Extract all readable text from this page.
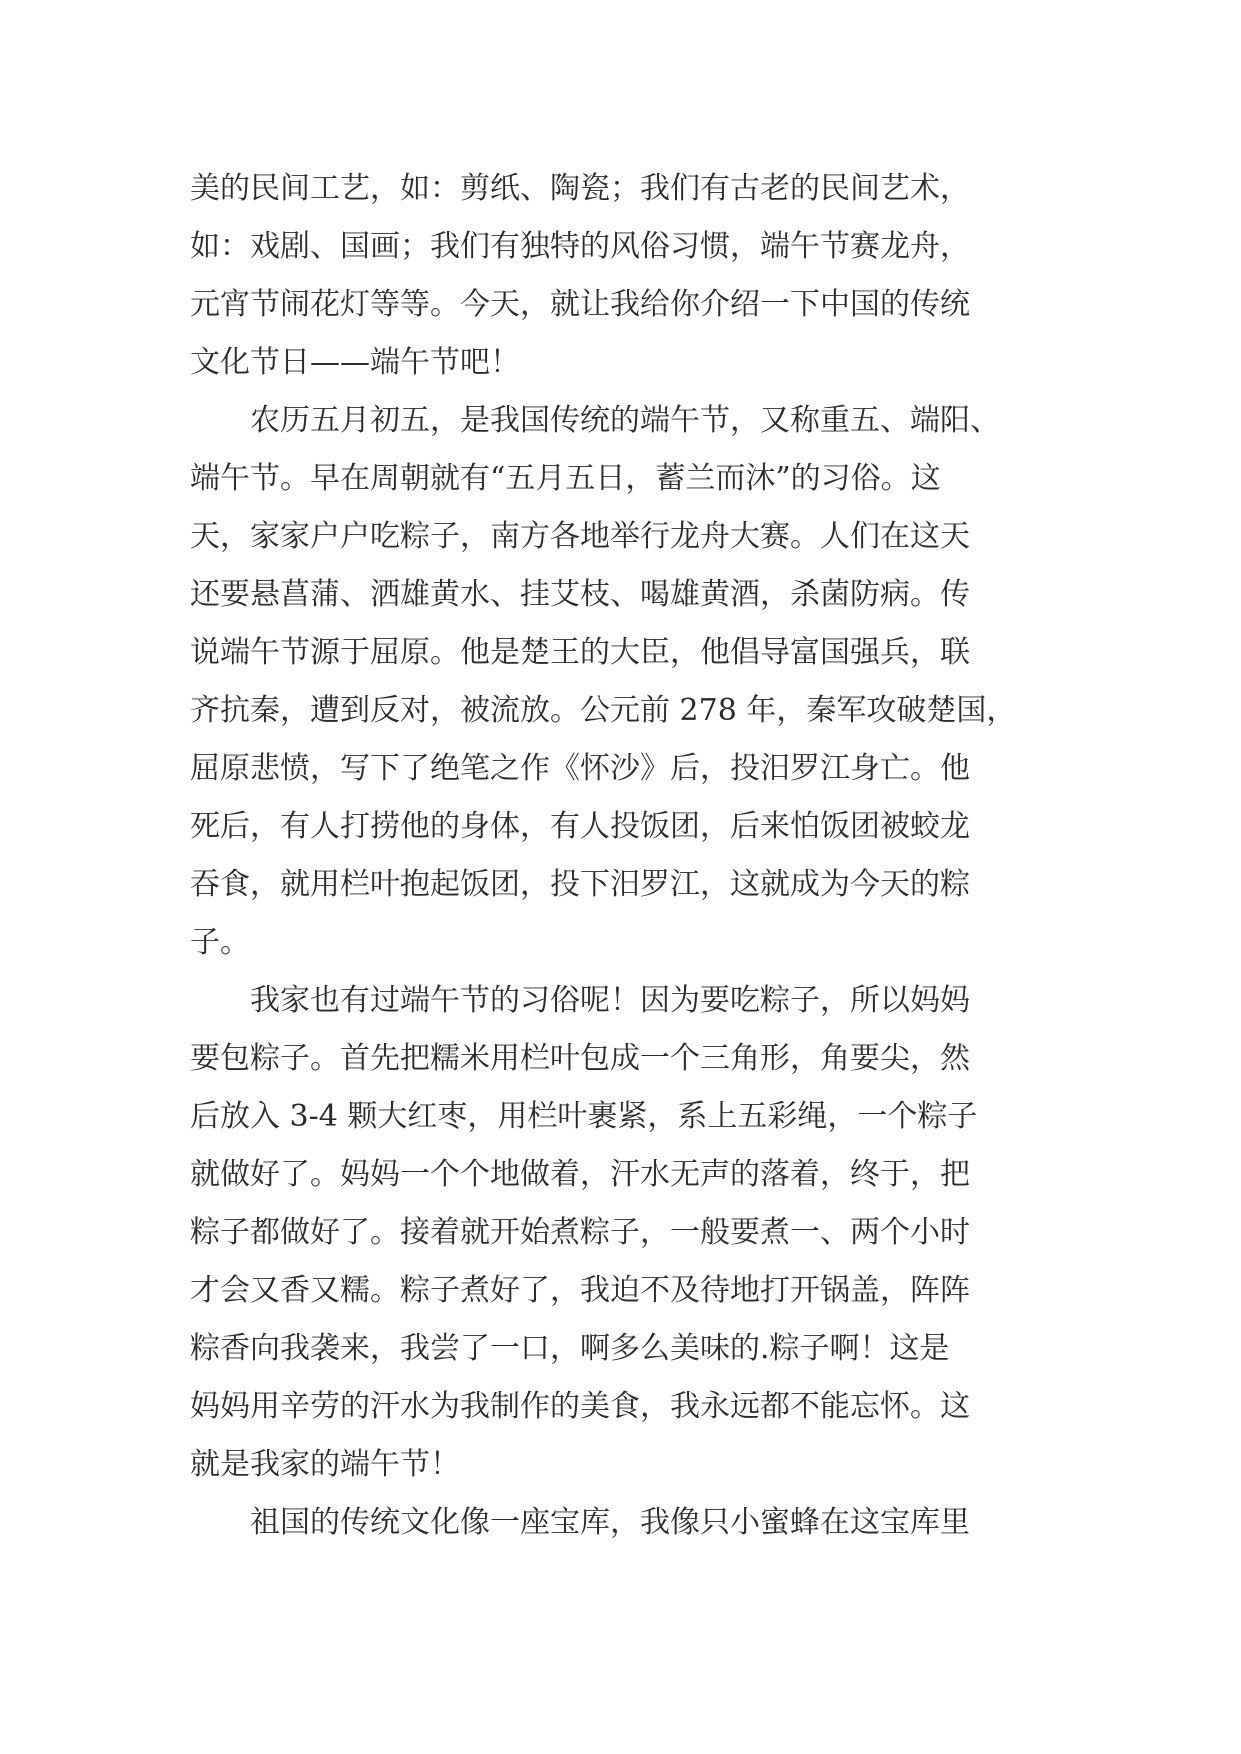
美的民间工艺，如：剪纸、陶瓷；我们有古老的民间艺术，
如：戏剧、国画；我们有独特的风俗习惯，端午节赛龙舟，
元宵节闹花灯等等。今天，就让我给你介绍一下中国的传统
文化节日——端午节吧！
　　农历五月初五，是我国传统的端午节，又称重五、端阳、
端午节。早在周朝就有“五月五日，蓄兰而沐”的习俗。这
天，家家户户吃粽子，南方各地举行龙舟大赛。人们在这天
还要悬菖蒲、洒雄黄水、挂艾枝、喝雄黄酒，杀菌防病。传
说端午节源于屈原。他是楚王的大臣，他倡导富国强兵，联
齐抗秦，遭到反对，被流放。公元前 278 年，秦军攻破楚国，
屈原悲愤，写下了绝笔之作《怀沙》后，投汨罗江身亡。他
死后，有人打捞他的身体，有人投饭团，后来怕饭团被蛟龙
吞食，就用栏叶抱起饭团，投下汨罗江，这就成为今天的粽
子。
　　我家也有过端午节的习俗呢！因为要吃粽子，所以妈妈
要包粽子。首先把糯米用栏叶包成一个三角形，角要尖，然
后放入 3-4 颗大红枣，用栏叶裹紧，系上五彩绳，一个粽子
就做好了。妈妈一个个地做着，汗水无声的落着，终于，把
粽子都做好了。接着就开始煮粽子，一般要煮一、两个小时
才会又香又糯。粽子煮好了，我迫不及待地打开锅盖，阵阵
粽香向我袭来，我尝了一口，啊多么美味的.粽子啊！这是
妈妈用辛劳的汗水为我制作的美食，我永远都不能忘怀。这
就是我家的端午节！
　　祖国的传统文化像一座宝库，我像只小蜜蜂在这宝库里
